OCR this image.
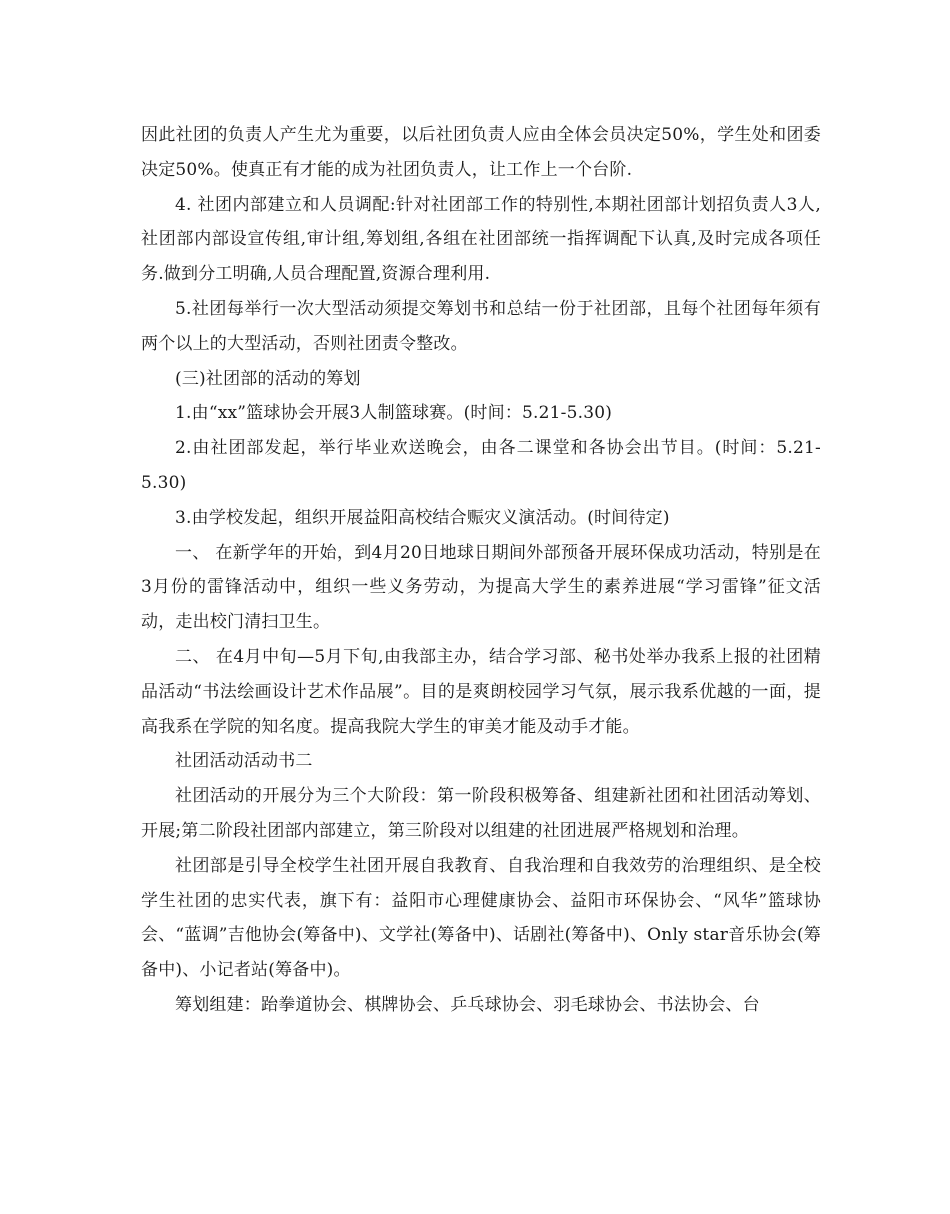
因此社团的负责人产生尤为重要，以后社团负责人应由全体会员决定50%，学生处和团委决定50%。使真正有才能的成为社团负责人，让工作上一个台阶.

4. 社团内部建立和人员调配:针对社团部工作的特别性,本期社团部计划招负责人3人,社团部内部设宣传组,审计组,筹划组,各组在社团部统一指挥调配下认真,及时完成各项任务.做到分工明确,人员合理配置,资源合理利用.

5.社团每举行一次大型活动须提交筹划书和总结一份于社团部，且每个社团每年须有两个以上的大型活动，否则社团责令整改。

(三)社团部的活动的筹划

1.由“xx”篮球协会开展3人制篮球赛。(时间：5.21-5.30)

2.由社团部发起，举行毕业欢送晚会，由各二课堂和各协会出节目。(时间：5.21-5.30)

3.由学校发起，组织开展益阳高校结合赈灾义演活动。(时间待定)

一、 在新学年的开始，到4月20日地球日期间外部预备开展环保成功活动，特别是在3月份的雷锋活动中，组织一些义务劳动，为提高大学生的素养进展“学习雷锋”征文活动，走出校门清扫卫生。

二、 在4月中旬—5月下旬,由我部主办，结合学习部、秘书处举办我系上报的社团精品活动“书法绘画设计艺术作品展”。目的是爽朗校园学习气氛，展示我系优越的一面，提高我系在学院的知名度。提高我院大学生的审美才能及动手才能。

社团活动活动书二

社团活动的开展分为三个大阶段：第一阶段积极筹备、组建新社团和社团活动筹划、开展;第二阶段社团部内部建立，第三阶段对以组建的社团进展严格规划和治理。

社团部是引导全校学生社团开展自我教育、自我治理和自我效劳的治理组织、是全校学生社团的忠实代表，旗下有：益阳市心理健康协会、益阳市环保协会、“风华”篮球协会、“蓝调”吉他协会(筹备中)、文学社(筹备中)、话剧社(筹备中)、Only star音乐协会(筹备中)、小记者站(筹备中)。

筹划组建：跆拳道协会、棋牌协会、乒乓球协会、羽毛球协会、书法协会、台
